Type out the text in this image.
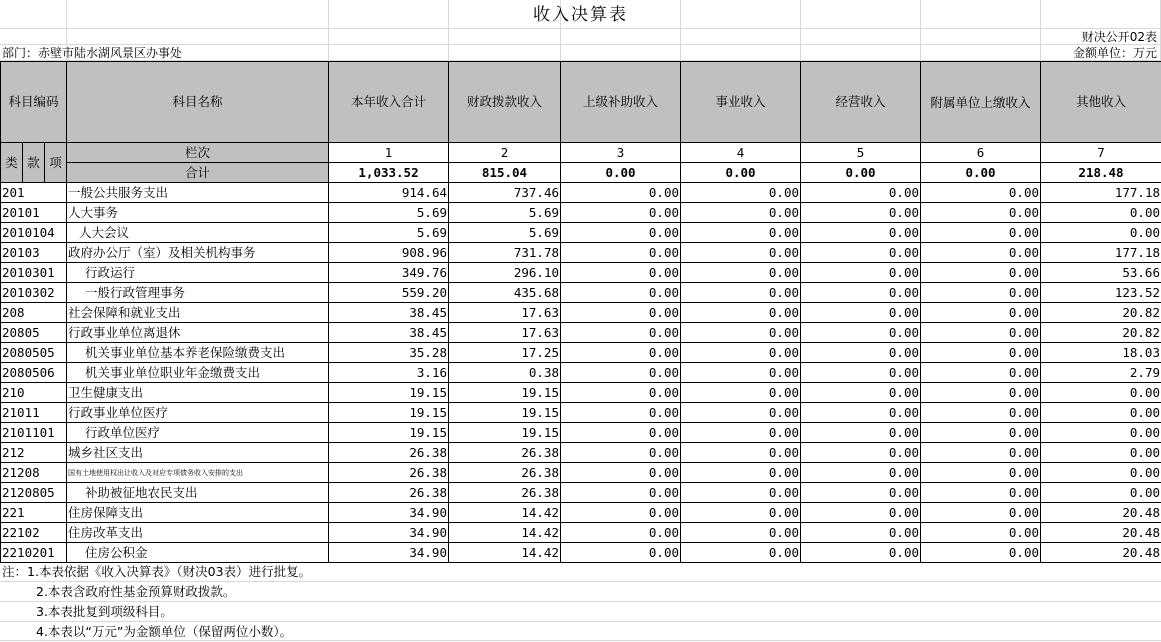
收入决算表
财决公开02表
部门：赤壁市陆水湖风景区办事处	金额单位：万元
科目编码			科目名称	本年收入合计	财政拨款收入	上级补助收入	事业收入	经营收入	附属单位上缴收入	其他收入
类	款	项	栏次	1	2	3	4	5	6	7
			合计	1,033.52	815.04	0.00	0.00	0.00	0.00	218.48
201			一般公共服务支出	914.64	737.46	0.00	0.00	0.00	0.00	177.18
20101			人大事务	5.69	5.69	0.00	0.00	0.00	0.00	0.00
2010104			人大会议	5.69	5.69	0.00	0.00	0.00	0.00	0.00
20103			政府办公厅（室）及相关机构事务	908.96	731.78	0.00	0.00	0.00	0.00	177.18
2010301			行政运行	349.76	296.10	0.00	0.00	0.00	0.00	53.66
2010302			一般行政管理事务	559.20	435.68	0.00	0.00	0.00	0.00	123.52
208			社会保障和就业支出	38.45	17.63	0.00	0.00	0.00	0.00	20.82
20805			行政事业单位离退休	38.45	17.63	0.00	0.00	0.00	0.00	20.82
2080505			机关事业单位基本养老保险缴费支出	35.28	17.25	0.00	0.00	0.00	0.00	18.03
2080506			机关事业单位职业年金缴费支出	3.16	0.38	0.00	0.00	0.00	0.00	2.79
210			卫生健康支出	19.15	19.15	0.00	0.00	0.00	0.00	0.00
21011			行政事业单位医疗	19.15	19.15	0.00	0.00	0.00	0.00	0.00
2101101			行政单位医疗	19.15	19.15	0.00	0.00	0.00	0.00	0.00
212			城乡社区支出	26.38	26.38	0.00	0.00	0.00	0.00	0.00
21208			国有土地使用权出让收入及对应专项债务收入安排的支出	26.38	26.38	0.00	0.00	0.00	0.00	0.00
2120805			补助被征地农民支出	26.38	26.38	0.00	0.00	0.00	0.00	0.00
221			住房保障支出	34.90	14.42	0.00	0.00	0.00	0.00	20.48
22102			住房改革支出	34.90	14.42	0.00	0.00	0.00	0.00	20.48
2210201			住房公积金	34.90	14.42	0.00	0.00	0.00	0.00	20.48
注：1.本表依据《收入决算表》（财决03表）进行批复。
2.本表含政府性基金预算财政拨款。
3.本表批复到项级科目。
4.本表以“万元”为金额单位（保留两位小数）。
